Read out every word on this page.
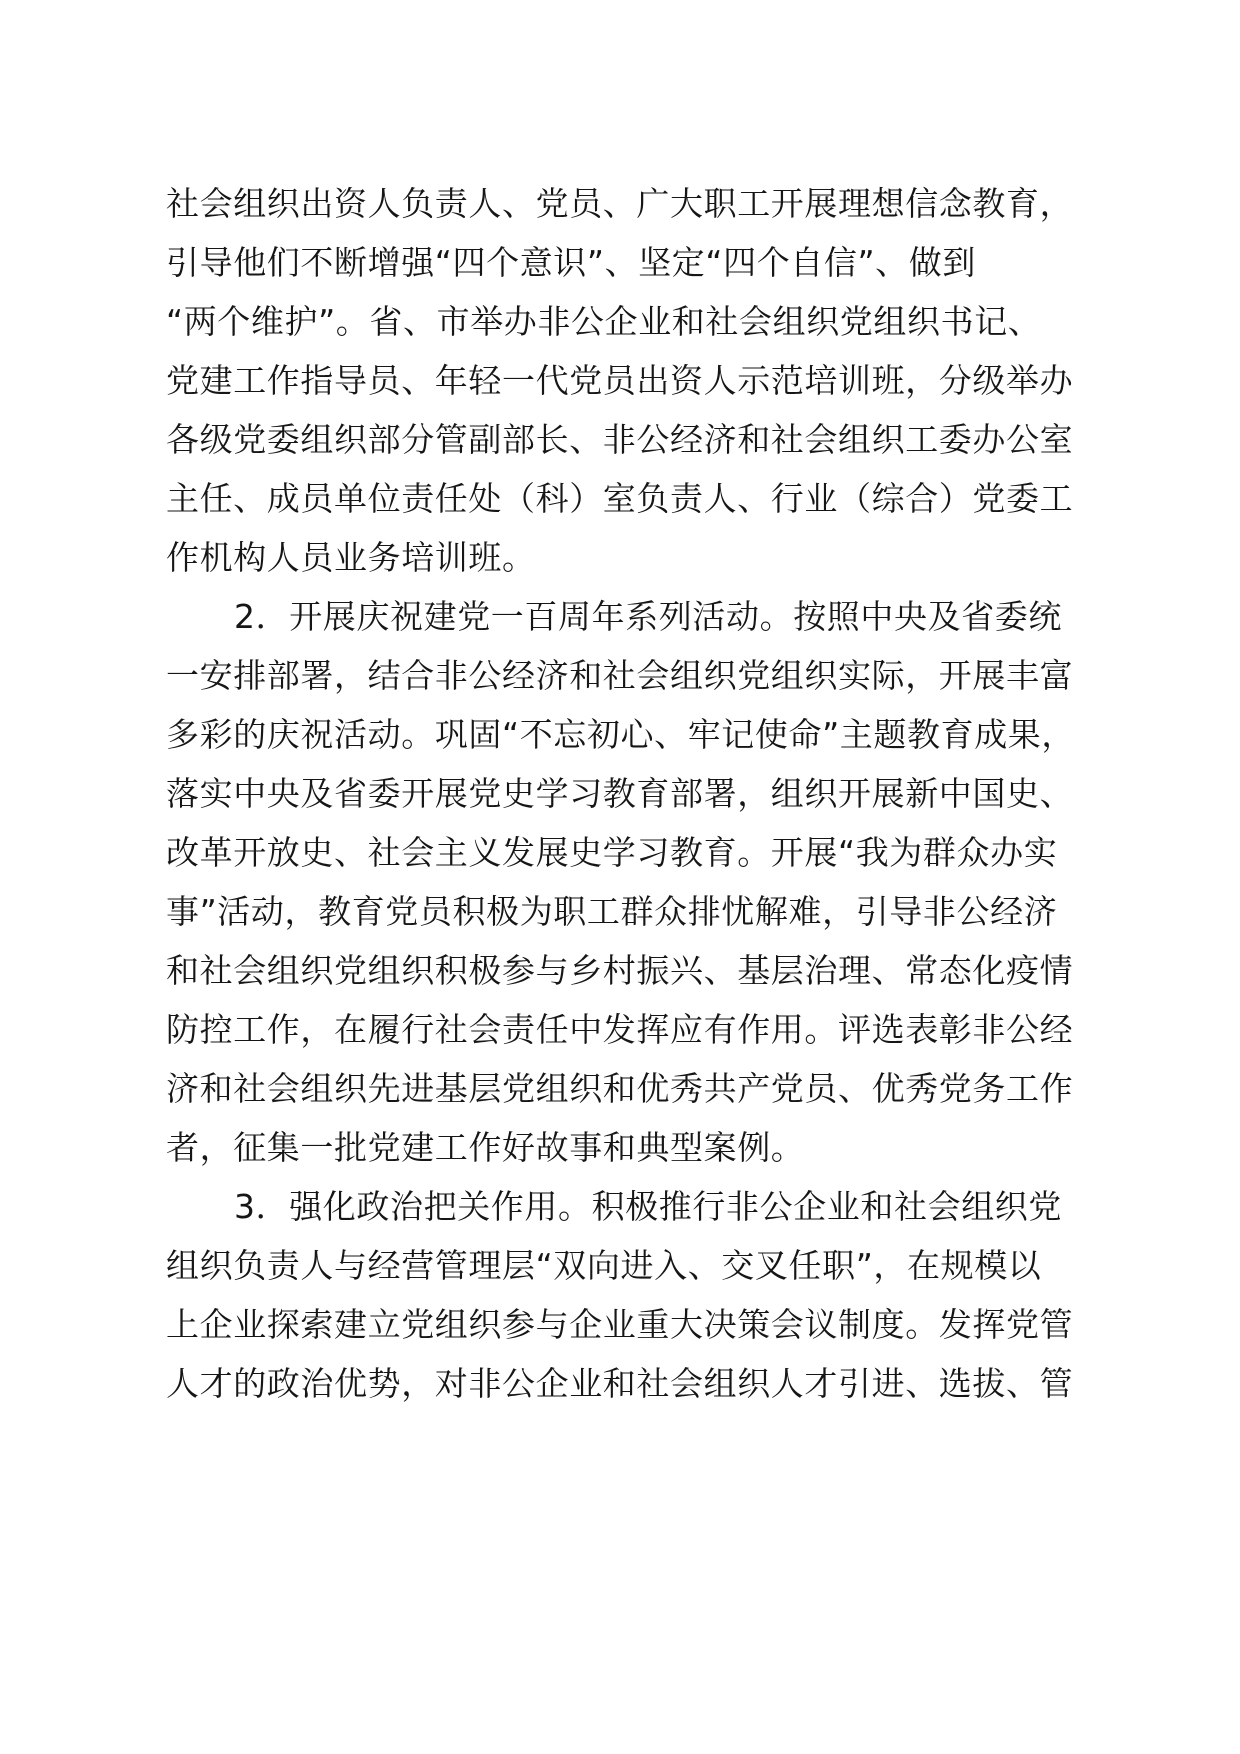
社会组织出资人负责人、党员、广大职工开展理想信念教育，
引导他们不断增强“四个意识”、坚定“四个自信”、做到
“两个维护”。省、市举办非公企业和社会组织党组织书记、
党建工作指导员、年轻一代党员出资人示范培训班，分级举办
各级党委组织部分管副部长、非公经济和社会组织工委办公室
主任、成员单位责任处（科）室负责人、行业（综合）党委工
作机构人员业务培训班。
2．开展庆祝建党一百周年系列活动。按照中央及省委统
一安排部署，结合非公经济和社会组织党组织实际，开展丰富
多彩的庆祝活动。巩固“不忘初心、牢记使命”主题教育成果，
落实中央及省委开展党史学习教育部署，组织开展新中国史、
改革开放史、社会主义发展史学习教育。开展“我为群众办实
事”活动，教育党员积极为职工群众排忧解难，引导非公经济
和社会组织党组织积极参与乡村振兴、基层治理、常态化疫情
防控工作，在履行社会责任中发挥应有作用。评选表彰非公经
济和社会组织先进基层党组织和优秀共产党员、优秀党务工作
者，征集一批党建工作好故事和典型案例。
3．强化政治把关作用。积极推行非公企业和社会组织党
组织负责人与经营管理层“双向进入、交叉任职”，在规模以
上企业探索建立党组织参与企业重大决策会议制度。发挥党管
人才的政治优势，对非公企业和社会组织人才引进、选拔、管
